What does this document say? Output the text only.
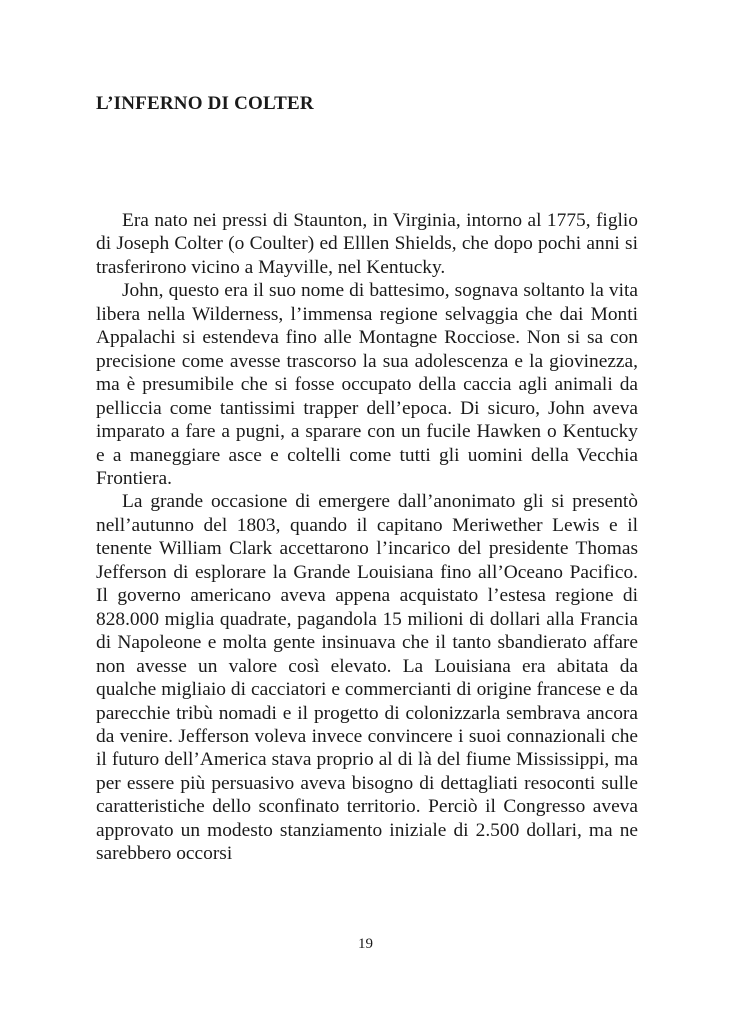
L’INFERNO DI COLTER

Era nato nei pressi di Staunton, in Virginia, intorno al 1775, figlio di Joseph Colter (o Coulter) ed Elllen Shields, che dopo pochi anni si trasferirono vicino a Mayville, nel Kentucky.

John, questo era il suo nome di battesimo, sognava soltanto la vita libera nella Wilderness, l’immensa regione selvaggia che dai Monti Appalachi si estendeva fino alle Montagne Rocciose. Non si sa con precisione come avesse trascorso la sua adolescenza e la giovinezza, ma è presumibile che si fosse occupato della caccia agli animali da pelliccia come tantissimi trapper dell’epoca. Di sicuro, John aveva imparato a fare a pugni, a sparare con un fucile Hawken o Kentucky e a maneggiare asce e coltelli come tutti gli uomini della Vecchia Frontiera.

La grande occasione di emergere dall’anonimato gli si presentò nell’autunno del 1803, quando il capitano Meriwether Lewis e il tenente William Clark accettarono l’incarico del presidente Thomas Jefferson di esplorare la Grande Louisiana fino all’Oceano Pacifico. Il governo americano aveva appena acquistato l’estesa regione di 828.000 miglia quadrate, pagandola 15 milioni di dollari alla Francia di Napoleone e molta gente insinuava che il tanto sbandierato affare non avesse un valore così elevato. La Louisiana era abitata da qualche migliaio di cacciatori e commercianti di origine francese e da parecchie tribù nomadi e il progetto di colonizzarla sembrava ancora da venire. Jefferson voleva invece convincere i suoi connazionali che il futuro dell’America stava proprio al di là del fiume Mississippi, ma per essere più persuasivo aveva bisogno di dettagliati resoconti sulle caratteristiche dello sconfinato territorio. Perciò il Congresso aveva approvato un modesto stanziamento iniziale di 2.500 dollari, ma ne sarebbero occorsi

19
